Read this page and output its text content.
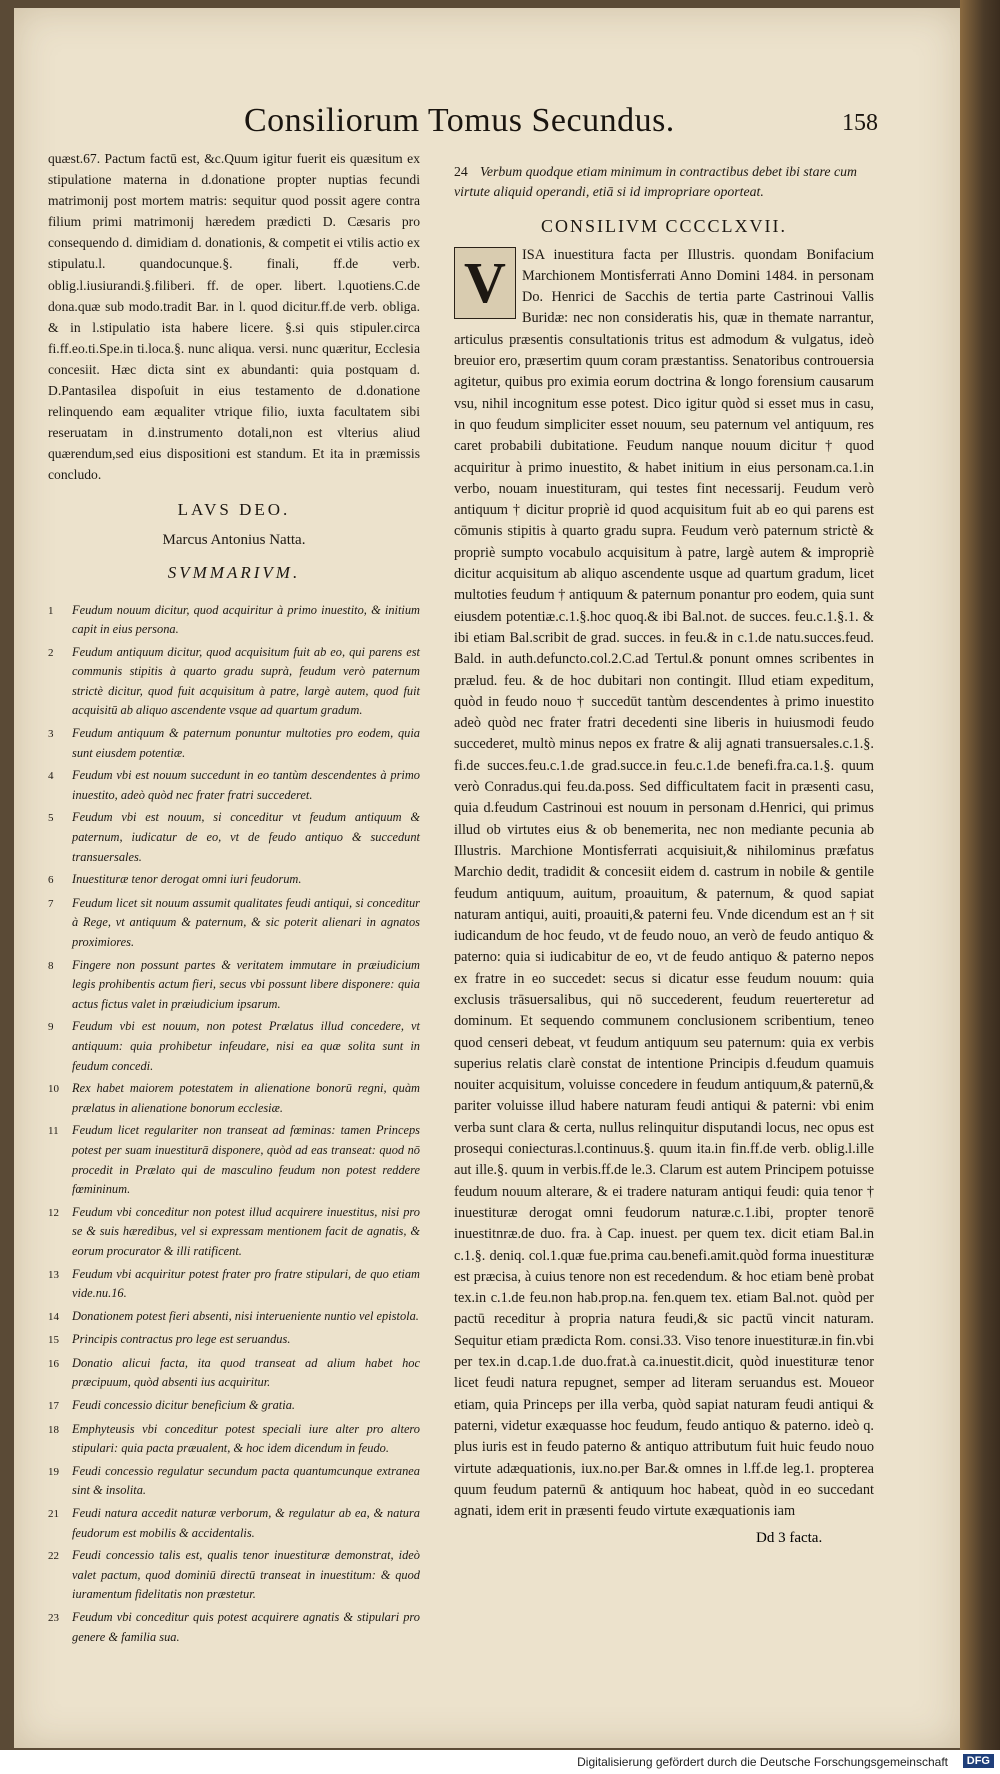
Consiliorum Tomus Secundus.	158

quæst.67. Pactum factū est, &c.Quum igitur fuerit eis quæsitum ex stipulatione materna in d.donatione propter nuptias fecundi matrimonij post mortem matris: sequitur quod possit agere contra filium primi matrimonij hæredem prædicti D. Cæsaris pro consequendo d. dimidiam d. donationis, & competit ei vtilis actio ex stipulatu.l. quandocunque.§. finali, ff.de verb. oblig.l.iusiurandi.§.filiberi. ff. de oper. libert. l.quotiens.C.de dona.quæ sub modo.tradit Bar. in l. quod dicitur.ff.de verb. obliga. & in l.stipulatio ista habere licere. §.si quis stipuler.circa fi.ff.eo.ti.Spe.in ti.loca.§. nunc aliqua. versi. nunc quæritur, Ecclesia concesiit. Hæc dicta sint ex abundanti: quia postquam d. D.Pantasilea dispoſuit in eius testamento de d.donatione relinquendo eam æqualiter vtrique filio, iuxta facultatem sibi reseruatam in d.instrumento dotali,non est vlterius aliud quærendum,sed eius dispositioni est standum. Et ita in præmissis concludo.

LAVS DEO.
Marcus Antonius Natta.
SVMMARIVM.
1	Feudum nouum dicitur, quod acquiritur à primo inuestito, & initium capit in eius persona.
2	Feudum antiquum dicitur, quod acquisitum fuit ab eo, qui parens est communis stipitis à quarto gradu suprà, feudum verò paternum strictè dicitur, quod fuit acquisitum à patre, largè autem, quod fuit acquisitū ab aliquo ascendente vsque ad quartum gradum.
3	Feudum antiquum & paternum ponuntur multoties pro eodem, quia sunt eiusdem potentiæ.
4	Feudum vbi est nouum succedunt in eo tantùm descendentes à primo inuestito, adeò quòd nec frater fratri succederet.
5	Feudum vbi est nouum, si conceditur vt feudum antiquum & paternum, iudicatur de eo, vt de feudo antiquo & succedunt transuersales.
6	Inuestituræ tenor derogat omni iuri feudorum.
7	Feudum licet sit nouum assumit qualitates feudi antiqui, si conceditur à Rege, vt antiquum & paternum, & sic poterit alienari in agnatos proximiores.
8	Fingere non possunt partes & veritatem immutare in præiudicium legis prohibentis actum fieri, secus vbi possunt libere disponere: quia actus fictus valet in præiudicium ipsarum.
9	Feudum vbi est nouum, non potest Prælatus illud concedere, vt antiquum: quia prohibetur infeudare, nisi ea quæ solita sunt in feudum concedi.
10	Rex habet maiorem potestatem in alienatione bonorū regni, quàm prælatus in alienatione bonorum ecclesiæ.
11	Feudum licet regulariter non transeat ad fœminas: tamen Princeps potest per suam inuestiturā disponere, quòd ad eas transeat: quod nō procedit in Prælato qui de masculino feudum non potest reddere fœmininum.
12	Feudum vbi conceditur non potest illud acquirere inuestitus, nisi pro se & suis hæredibus, vel si expressam mentionem facit de agnatis, & eorum procurator & illi ratificent.
13	Feudum vbi acquiritur potest frater pro fratre stipulari, de quo etiam vide.nu.16.
14	Donationem potest fieri absenti, nisi interueniente nuntio vel epistola.
15	Principis contractus pro lege est seruandus.
16	Donatio alicui facta, ita quod transeat ad alium habet hoc præcipuum, quòd absenti ius acquiritur.
17	Feudi concessio dicitur beneficium & gratia.
18	Emphyteusis vbi conceditur potest speciali iure alter pro altero stipulari: quia pacta præualent, & hoc idem dicendum in feudo.
19	Feudi concessio regulatur secundum pacta quantumcunque extranea sint & insolita.
21	Feudi natura accedit naturæ verborum, & regulatur ab ea, & natura feudorum est mobilis & accidentalis.
22	Feudi concessio talis est, qualis tenor inuestituræ demonstrat, ideò valet pactum, quod dominiū directū transeat in inuestitum: & quod iuramentum fidelitatis non præstetur.
23	Feudum vbi conceditur quis potest acquirere agnatis & stipulari pro genere & familia sua.

24 Verbum quodque etiam minimum in contractibus debet ibi stare cum virtute aliquid operandi, etiā si id impropriare oporteat.

CONSILIVM CCCCLXVII.
V	ISA inuestitura facta per Illustris. quondam Bonifacium Marchionem Montisferrati Anno Domini 1484. in personam Do. Henrici de Sacchis de tertia parte Castrinoui Vallis Buridæ: nec non consideratis his, quæ in themate narrantur, articulus præsentis consultationis tritus est admodum & vulgatus, ideò breuior ero, præsertim quum coram præstantiss. Senatoribus controuersia agitetur, quibus pro eximia eorum doctrina & longo forensium causarum vsu, nihil incognitum esse potest. Dico igitur quòd si esset mus in casu, in quo feudum simpliciter esset nouum, seu paternum vel antiquum, res caret probabili dubitatione. Feudum nanque nouum dicitur † quod acquiritur à primo inuestito, & habet initium in eius personam.ca.1.in verbo, nouam inuestituram, qui testes fint necessarij. Feudum verò antiquum † dicitur propriè id quod acquisitum fuit ab eo qui parens est cōmunis stipitis à quarto gradu supra. Feudum verò paternum strictè & propriè sumpto vocabulo acquisitum à patre, largè autem & impropriè dicitur acquisitum ab aliquo ascendente usque ad quartum gradum, licet multoties feudum † antiquum & paternum ponantur pro eodem, quia sunt eiusdem potentiæ.c.1.§.hoc quoq.& ibi Bal.not. de succes. feu.c.1.§.1. & ibi etiam Bal.scribit de grad. succes. in feu.& in c.1.de natu.succes.feud. Bald. in auth.defuncto.col.2.C.ad Tertul.& ponunt omnes scribentes in prælud. feu. & de hoc dubitari non contingit. Illud etiam expeditum, quòd in feudo nouo † succedūt tantùm descendentes à primo inuestito adeò quòd nec frater fratri decedenti sine liberis in huiusmodi feudo succederet, multò minus nepos ex fratre & alij agnati transuersales.c.1.§. fi.de succes.feu.c.1.de grad.succe.in feu.c.1.de benefi.fra.ca.1.§. quum verò Conradus.qui feu.da.poss. Sed difficultatem facit in præsenti casu, quia d.feudum Castrinoui est nouum in personam d.Henrici, qui primus illud ob virtutes eius & ob benemerita, nec non mediante pecunia ab Illustris. Marchione Montisferrati acquisiuit,& nihilominus præfatus Marchio dedit, tradidit & concesiit eidem d. castrum in nobile & gentile feudum antiquum, auitum, proauitum, & paternum, & quod sapiat naturam antiqui, auiti, proauiti,& paterni feu. Vnde dicendum est an † sit iudicandum de hoc feudo, vt de feudo nouo, an verò de feudo antiquo & paterno: quia si iudicabitur de eo, vt de feudo antiquo & paterno nepos ex fratre in eo succedet: secus si dicatur esse feudum nouum: quia exclusis trāsuersalibus, qui nō succederent, feudum reuerteretur ad dominum. Et sequendo communem conclusionem scribentium, teneo quod censeri debeat, vt feudum antiquum seu paternum: quia ex verbis superius relatis clarè constat de intentione Principis d.feudum quamuis nouiter acquisitum, voluisse concedere in feudum antiquum,& paternū,& pariter voluisse illud habere naturam feudi antiqui & paterni: vbi enim verba sunt clara & certa, nullus relinquitur disputandi locus, nec opus est prosequi coniecturas.l.continuus.§. quum ita.in fin.ff.de verb. oblig.l.ille aut ille.§. quum in verbis.ff.de le.3. Clarum est autem Principem potuisse feudum nouum alterare, & ei tradere naturam antiqui feudi: quia tenor † inuestituræ derogat omni feudorum naturæ.c.1.ibi, propter tenorē inuestitnræ.de duo. fra. à Cap. inuest. per quem tex. dicit etiam Bal.in c.1.§. deniq. col.1.quæ fue.prima cau.benefi.amit.quòd forma inuestituræ est præcisa, à cuius tenore non est recedendum. & hoc etiam benè probat tex.in c.1.de feu.non hab.prop.na. fen.quem tex. etiam Bal.not. quòd per pactū receditur à propria natura feudi,& sic pactū vincit naturam. Sequitur etiam prædicta Rom. consi.33. Viso tenore inuestituræ.in fin.vbi per tex.in d.cap.1.de duo.frat.à ca.inuestit.dicit, quòd inuestituræ tenor licet feudi natura repugnet, semper ad literam seruandus est. Moueor etiam, quia Princeps per illa verba, quòd sapiat naturam feudi antiqui & paterni, videtur exæquasse hoc feudum, feudo antiquo & paterno. ideò q. plus iuris est in feudo paterno & antiquo attributum fuit huic feudo nouo virtute adæquationis, iux.no.per Bar.& omnes in l.ff.de leg.1. propterea quum feudum paternū & antiquum hoc habeat, quòd in eo succedant agnati, idem erit in præsenti feudo virtute exæquationis iam

Dd 3 facta.
Digitalisierung gefördert durch die Deutsche Forschungsgemeinschaft	DFG
